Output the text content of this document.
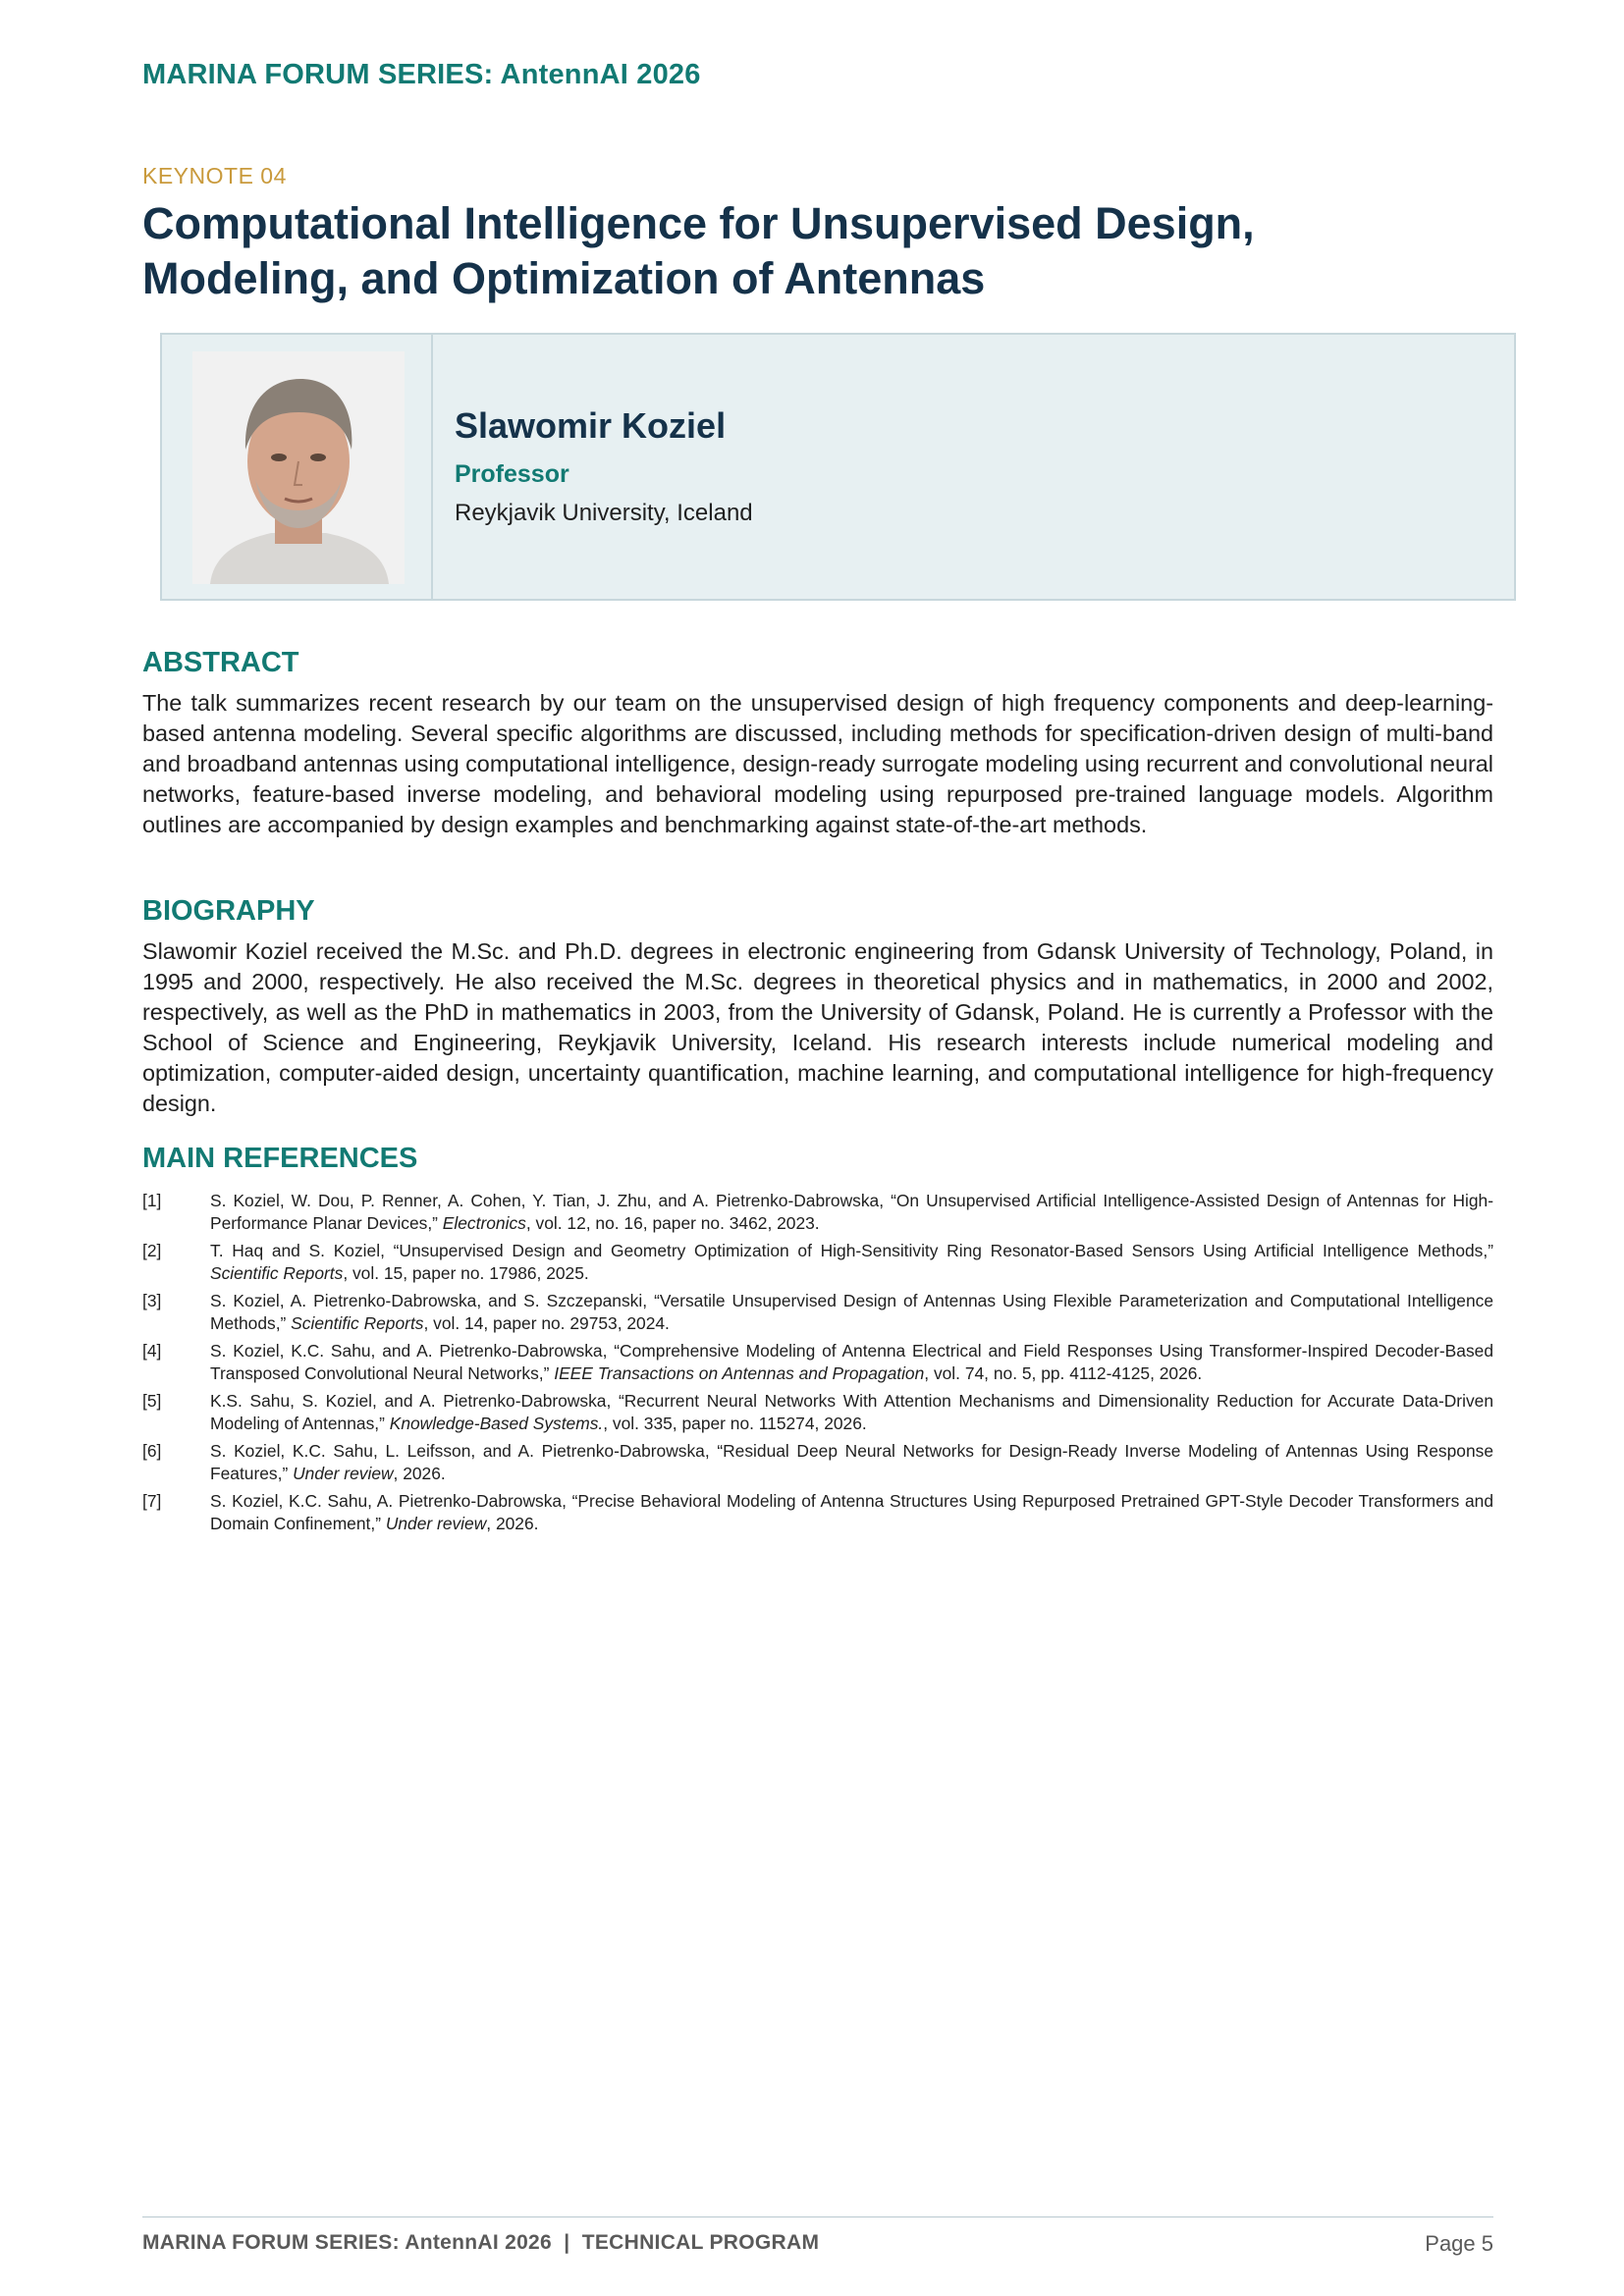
MARINA FORUM SERIES: AntennAI 2026
KEYNOTE 04
Computational Intelligence for Unsupervised Design, Modeling, and Optimization of Antennas
Slawomir Koziel
Professor
Reykjavik University, Iceland
ABSTRACT
The talk summarizes recent research by our team on the unsupervised design of high frequency components and deep-learning-based antenna modeling. Several specific algorithms are discussed, including methods for specification-driven design of multi-band and broadband antennas using computational intelligence, design-ready surrogate modeling using recurrent and convolutional neural networks, feature-based inverse modeling, and behavioral modeling using repurposed pre-trained language models. Algorithm outlines are accompanied by design examples and benchmarking against state-of-the-art methods.
BIOGRAPHY
Slawomir Koziel received the M.Sc. and Ph.D. degrees in electronic engineering from Gdansk University of Technology, Poland, in 1995 and 2000, respectively. He also received the M.Sc. degrees in theoretical physics and in mathematics, in 2000 and 2002, respectively, as well as the PhD in mathematics in 2003, from the University of Gdansk, Poland. He is currently a Professor with the School of Science and Engineering, Reykjavik University, Iceland. His research interests include numerical modeling and optimization, computer-aided design, uncertainty quantification, machine learning, and computational intelligence for high-frequency design.
MAIN REFERENCES
[1]	S. Koziel, W. Dou, P. Renner, A. Cohen, Y. Tian, J. Zhu, and A. Pietrenko-Dabrowska, “On Unsupervised Artificial Intelligence-Assisted Design of Antennas for High-Performance Planar Devices,” Electronics, vol. 12, no. 16, paper no. 3462, 2023.
[2]	T. Haq and S. Koziel, “Unsupervised Design and Geometry Optimization of High-Sensitivity Ring Resonator-Based Sensors Using Artificial Intelligence Methods,” Scientific Reports, vol. 15, paper no. 17986, 2025.
[3]	S. Koziel, A. Pietrenko-Dabrowska, and S. Szczepanski, “Versatile Unsupervised Design of Antennas Using Flexible Parameterization and Computational Intelligence Methods,” Scientific Reports, vol. 14, paper no. 29753, 2024.
[4]	S. Koziel, K.C. Sahu, and A. Pietrenko-Dabrowska, “Comprehensive Modeling of Antenna Electrical and Field Responses Using Transformer-Inspired Decoder-Based Transposed Convolutional Neural Networks,” IEEE Transactions on Antennas and Propagation, vol. 74, no. 5, pp. 4112-4125, 2026.
[5]	K.S. Sahu, S. Koziel, and A. Pietrenko-Dabrowska, “Recurrent Neural Networks With Attention Mechanisms and Dimensionality Reduction for Accurate Data-Driven Modeling of Antennas,” Knowledge-Based Systems., vol. 335, paper no. 115274, 2026.
[6]	S. Koziel, K.C. Sahu, L. Leifsson, and A. Pietrenko-Dabrowska, “Residual Deep Neural Networks for Design-Ready Inverse Modeling of Antennas Using Response Features,” Under review, 2026.
[7]	S. Koziel, K.C. Sahu, A. Pietrenko-Dabrowska, “Precise Behavioral Modeling of Antenna Structures Using Repurposed Pretrained GPT-Style Decoder Transformers and Domain Confinement,” Under review, 2026.
MARINA FORUM SERIES: AntennAI 2026  |  TECHNICAL PROGRAM	Page 5
